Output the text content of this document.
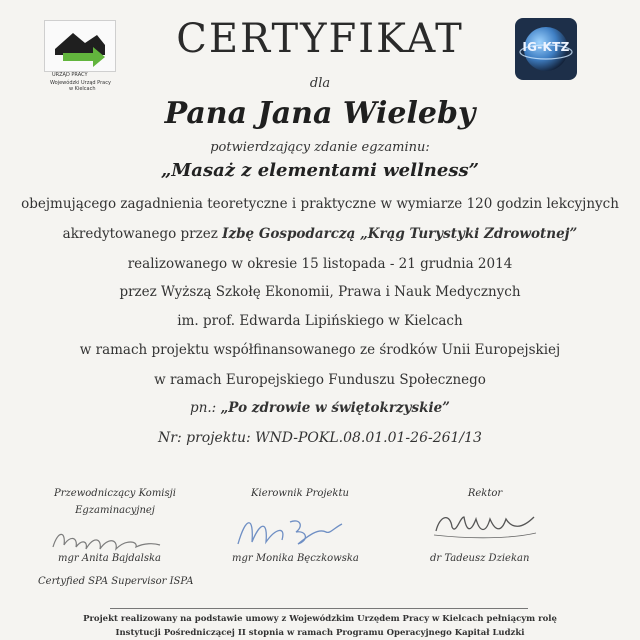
URZĄD PRACY
Wojewódzki Urząd Pracy
w Kielcach
IG-KTZ
CERTYFIKAT
dla
Pana Jana Wieleby
potwierdzający zdanie egzaminu:
„Masaż z elementami wellness”
obejmującego zagadnienia teoretyczne i praktyczne w wymiarze 120 godzin lekcyjnych
akredytowanego przez Izbę Gospodarczą „Krąg Turystyki Zdrowotnej”
realizowanego w okresie 15 listopada - 21 grudnia 2014
przez Wyższą Szkołę Ekonomii, Prawa i Nauk Medycznych
im. prof. Edwarda Lipińskiego w Kielcach
w ramach projektu współfinansowanego ze środków Unii Europejskiej
w ramach Europejskiego Funduszu Społecznego
pn.: „Po zdrowie w świętokrzyskie”
Nr: projektu: WND-POKL.08.01.01-26-261/13
Przewodniczący Komisji
Egzaminacyjnej
Kierownik Projektu	Rektor
mgr Anita Bajdalska
Certyfied SPA Supervisor ISPA
mgr Monika Bęczkowska	dr Tadeusz Dziekan
Projekt realizowany na podstawie umowy z Wojewódzkim Urzędem Pracy w Kielcach pełniącym rolę
Instytucji Pośredniczącej II stopnia w ramach Programu Operacyjnego Kapitał Ludzki
